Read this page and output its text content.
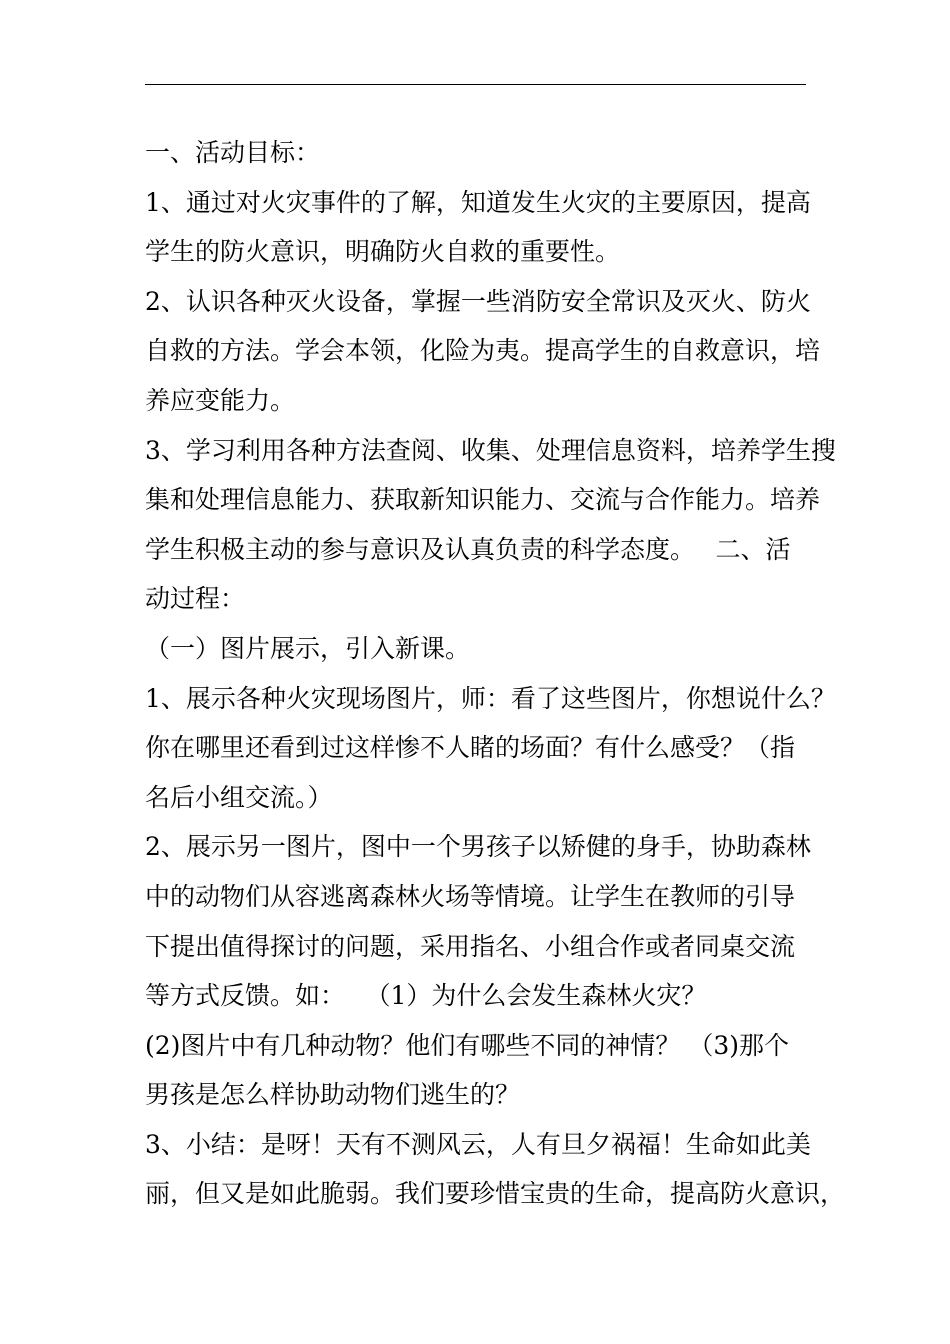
一、活动目标：
1、通过对火灾事件的了解，知道发生火灾的主要原因，提高
学生的防火意识，明确防火自救的重要性。
2、认识各种灭火设备，掌握一些消防安全常识及灭火、防火
自救的方法。学会本领，化险为夷。提高学生的自救意识，培
养应变能力。
3、学习利用各种方法查阅、收集、处理信息资料，培养学生搜
集和处理信息能力、获取新知识能力、交流与合作能力。培养
学生积极主动的参与意识及认真负责的科学态度。　 二、活
动过程：
（一）图片展示，引入新课。
1、展示各种火灾现场图片，师：看了这些图片，你想说什么？
你在哪里还看到过这样惨不人睹的场面？有什么感受？（指
名后小组交流。）
2、展示另一图片，图中一个男孩子以矫健的身手，协助森林
中的动物们从容逃离森林火场等情境。让学生在教师的引导
下提出值得探讨的问题，采用指名、小组合作或者同桌交流
等方式反馈。如：　 （1）为什么会发生森林火灾？
(2)图片中有几种动物？他们有哪些不同的神情？ （3)那个
男孩是怎么样协助动物们逃生的？
3、小结：是呀！天有不测风云，人有旦夕祸福！生命如此美
丽，但又是如此脆弱。我们要珍惜宝贵的生命，提高防火意识，
